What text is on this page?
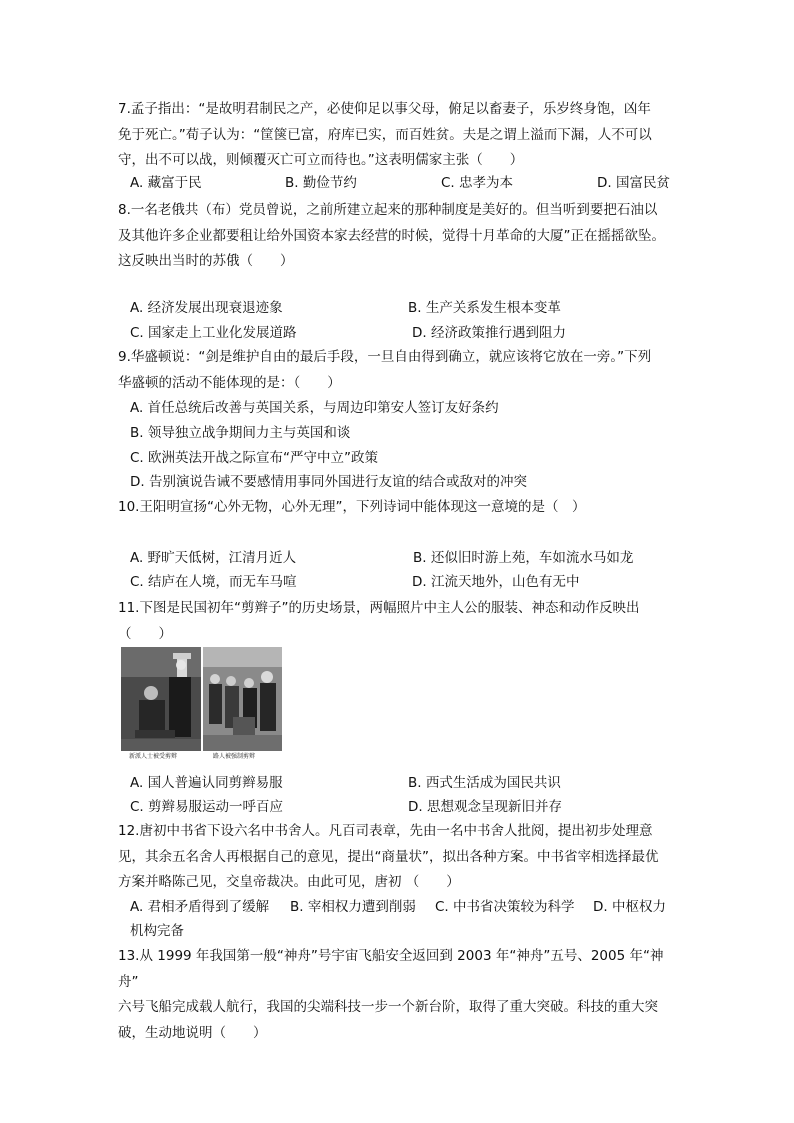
7.孟子指出：“是故明君制民之产，必使仰足以事父母，俯足以畜妻子，乐岁终身饱，凶年
免于死亡。”荀子认为：“筐箧已富，府库已实，而百姓贫。夫是之谓上溢而下漏，人不可以
守，出不可以战，则倾覆灭亡可立而待也。”这表明儒家主张（　　）
A. 藏富于民	B. 勤俭节约	C. 忠孝为本	D. 国富民贫
8.一名老俄共（布）党员曾说，之前所建立起来的那种制度是美好的。但当听到要把石油以
及其他许多企业都要租让给外国资本家去经营的时候，觉得十月革命的大厦”正在摇摇欲坠。
这反映出当时的苏俄（　　）
A. 经济发展出现衰退迹象	B. 生产关系发生根本变革
C. 国家走上工业化发展道路	D. 经济政策推行遇到阻力
9.华盛顿说：“剑是维护自由的最后手段，一旦自由得到确立，就应该将它放在一旁。”下列
华盛顿的活动不能体现的是：（　　）
A. 首任总统后改善与英国关系，与周边印第安人签订友好条约
B. 领导独立战争期间力主与英国和谈
C. 欧洲英法开战之际宣布“严守中立”政策
D. 告别演说告诫不要感情用事同外国进行友谊的结合或敌对的冲突
10.王阳明宣扬“心外无物，心外无理”，下列诗词中能体现这一意境的是（　）
A. 野旷天低树，江清月近人	B. 还似旧时游上苑，车如流水马如龙
C. 结庐在人境，而无车马喧	D. 江流天地外，山色有无中
11.下图是民国初年“剪辫子”的历史场景，两幅照片中主人公的服装、神态和动作反映出
（　　）
新派人士被受剪辫	路人被强制剪辫
A. 国人普遍认同剪辫易服	B. 西式生活成为国民共识
C. 剪辫易服运动一呼百应	D. 思想观念呈现新旧并存
12.唐初中书省下设六名中书舍人。凡百司表章，先由一名中书舍人批阅，提出初步处理意
见，其余五名舍人再根据自己的意见，提出“商量状”，拟出各种方案。中书省宰相选择最优
方案并略陈己见，交皇帝裁决。由此可见，唐初 （　　）
A. 君相矛盾得到了缓解 B. 宰相权力遭到削弱 C. 中书省决策较为科学 D. 中枢权力
机构完备
13.从 1999 年我国第一般“神舟”号宇宙飞船安全返回到 2003 年“神舟”五号、2005 年“神舟”
六号飞船完成载人航行，我国的尖端科技一步一个新台阶，取得了重大突破。科技的重大突
破，生动地说明（　　）
